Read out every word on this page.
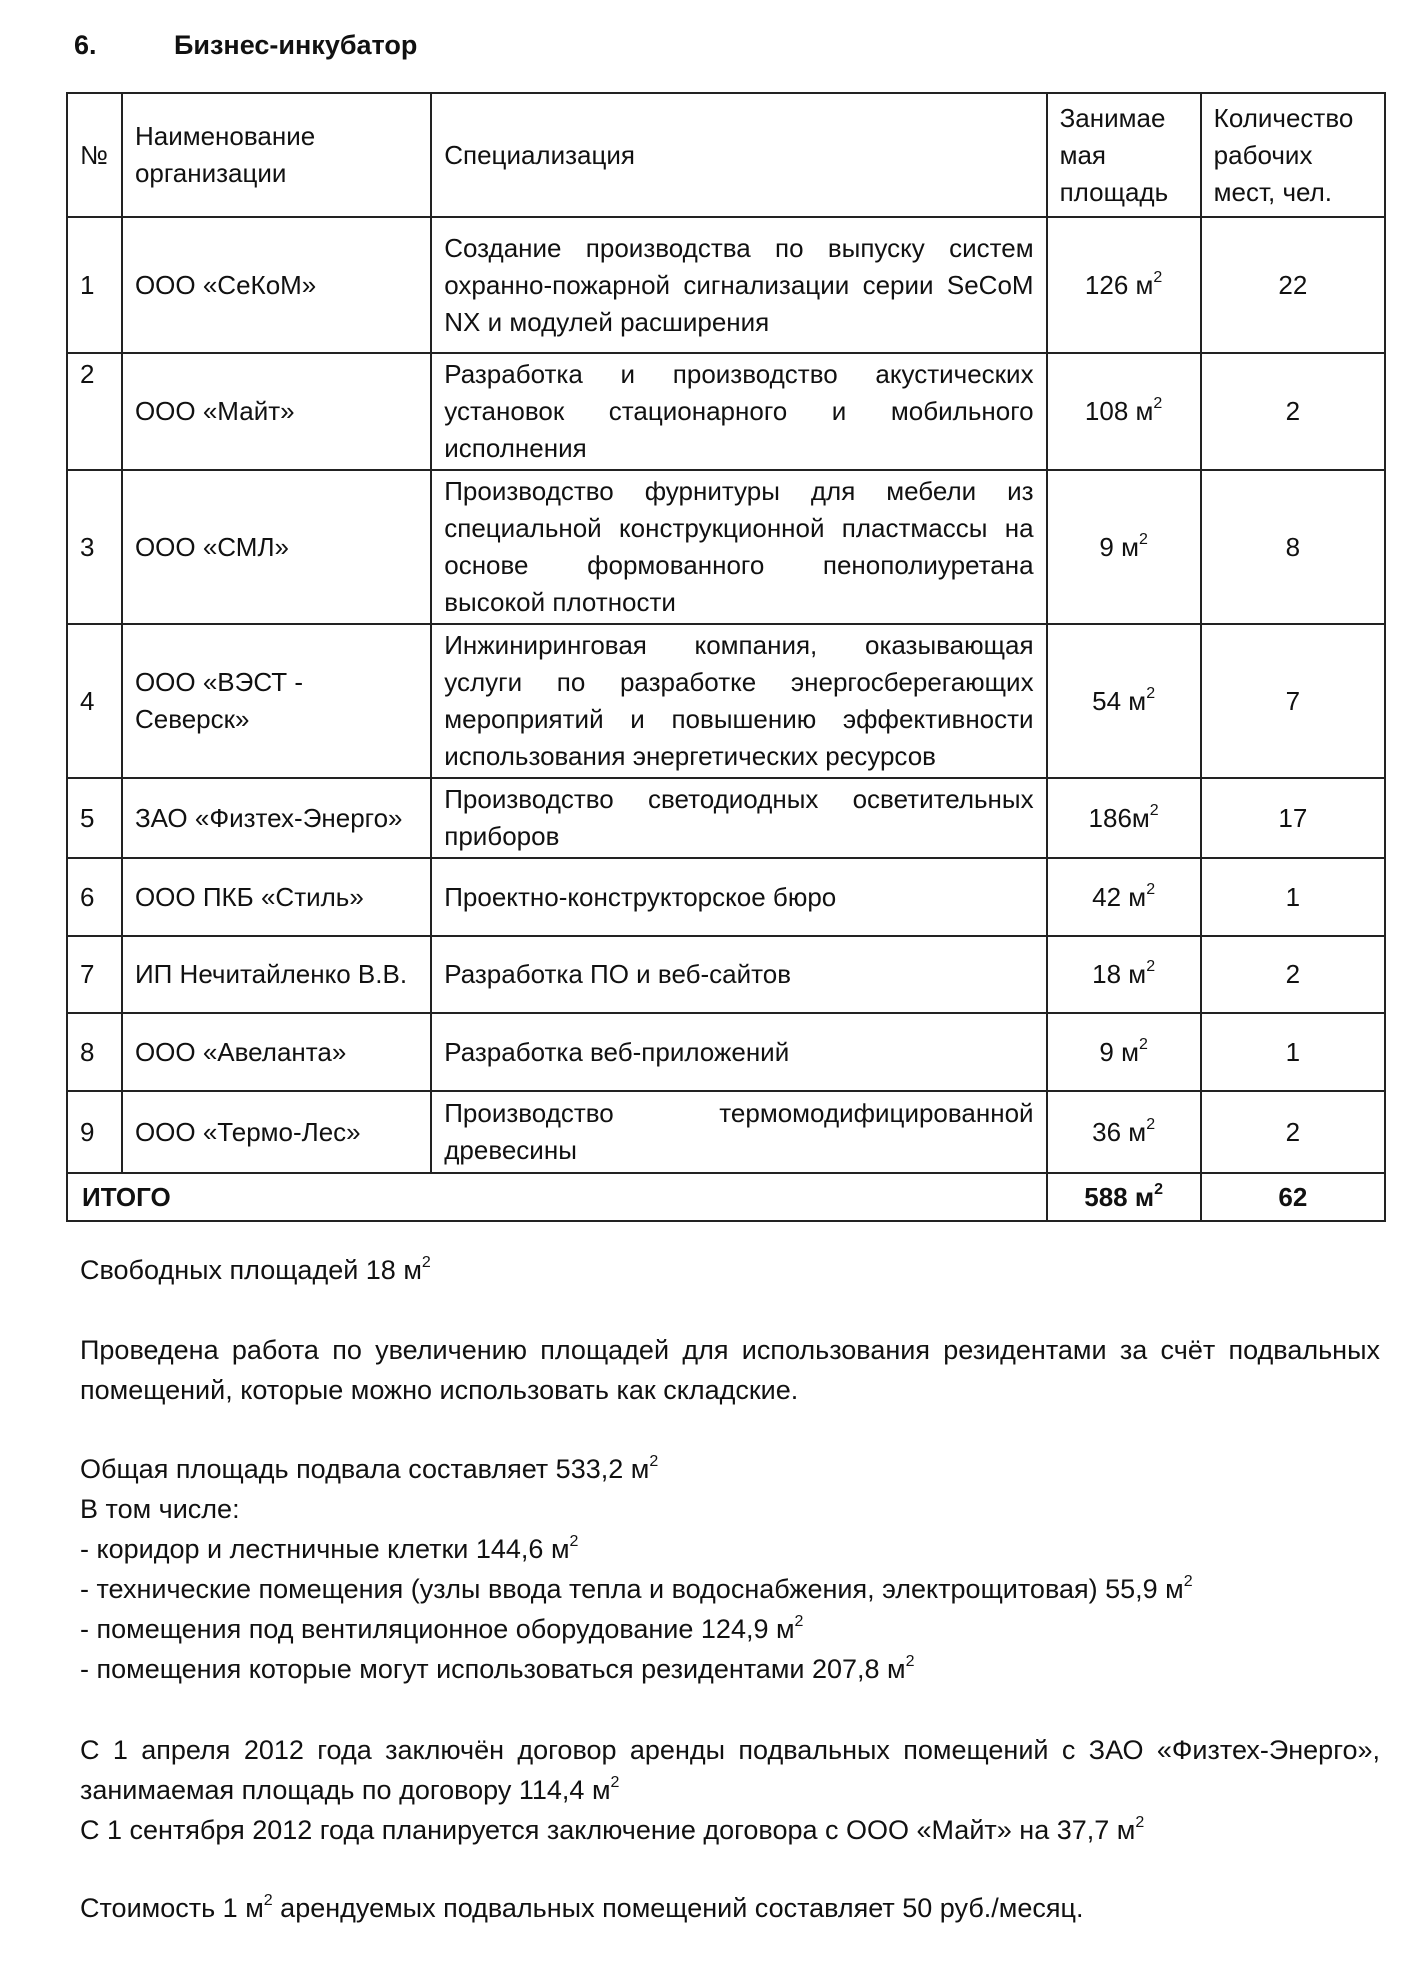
6.	Бизнес-инкубатор
№	Наименование организации	Специализация	Занимае мая площадь	Количество рабочих мест, чел.
1	ООО «СеКоМ»	Создание производства по выпуску систем охранно-пожарной сигнализации серии SeCoM NX и модулей расширения	126 $м^2$	22
2	ООО «Майт»	Разработка и производство акустических установок стационарного и мобильного исполнения	108 $м^2$	2
3	ООО «СМЛ»	Производство фурнитуры для мебели из специальной конструкционной пластмассы на основе формованного пенополиуретана высокой плотности	9 $м^2$	8
4	ООО «ВЭСТ - Северск»	Инжиниринговая компания, оказывающая услуги по разработке энергосберегающих мероприятий и повышению эффективности использования энергетических ресурсов	54 $м^2$	7
5	ЗАО «Физтех-Энерго»	Производство светодиодных осветительных приборов	$186м^2$	17
6	ООО ПКБ «Стиль»	Проектно-конструкторское бюро	42 $м^2$	1
7	ИП Нечитайленко В.В.	Разработка ПО и веб-сайтов	18 $м^2$	2
8	ООО «Авеланта»	Разработка веб-приложений	9 $м^2$	1
9	ООО «Термо-Лес»	Производство термомодифицированной древесины	36 $м^2$	2
ИТОГО			588 $м^2$	62

Свободных площадей 18 $м^2$

Проведена работа по увеличению площадей для использования резидентами за счёт подвальных помещений, которые можно использовать как складские.

Общая площадь подвала составляет 533,2 $м^2$

В том числе:

- коридор и лестничные клетки 144,6 $м^2$

- технические помещения (узлы ввода тепла и водоснабжения, электрощитовая) 55,9 $м^2$

- помещения под вентиляционное оборудование 124,9 $м^2$

- помещения которые могут использоваться резидентами 207,8 $м^2$

С 1 апреля 2012 года заключён договор аренды подвальных помещений с ЗАО «Физтех-Энерго», занимаемая площадь по договору 114,4 $м^2$

С 1 сентября 2012 года планируется заключение договора с ООО «Майт» на 37,7 $м^2$

Стоимость 1 $м^2$ арендуемых подвальных помещений составляет 50 руб./месяц.
